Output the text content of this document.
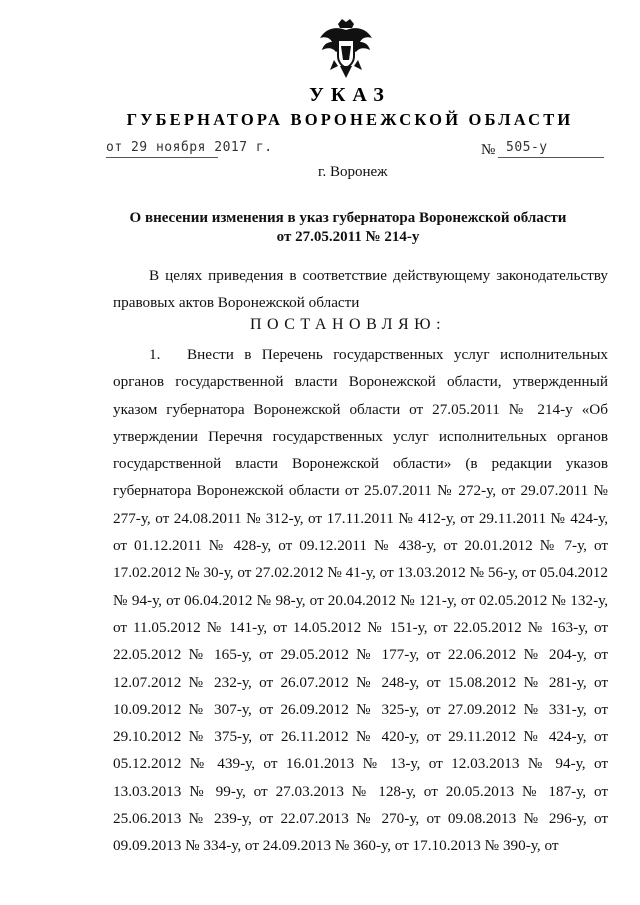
УКАЗ
ГУБЕРНАТОРА ВОРОНЕЖСКОЙ ОБЛАСТИ
от 29 ноября 2017 г.	№ 505-у
г. Воронеж
О внесении изменения в указ губернатора Воронежской области
от 27.05.2011 № 214-у
В целях приведения в соответствие действующему законодательству правовых актов Воронежской области
ПОСТАНОВЛЯЮ:
1. Внести в Перечень государственных услуг исполнительных органов государственной власти Воронежской области, утвержденный указом губернатора Воронежской области от 27.05.2011 № 214-у «Об утверждении Перечня государственных услуг исполнительных органов государственной власти Воронежской области» (в редакции указов губернатора Воронежской области от 25.07.2011 № 272-у, от 29.07.2011 № 277-у, от 24.08.2011 № 312-у, от 17.11.2011 № 412-у, от 29.11.2011 № 424-у, от 01.12.2011 № 428-у, от 09.12.2011 № 438-у, от 20.01.2012 № 7-у, от 17.02.2012 № 30-у, от 27.02.2012 № 41-у, от 13.03.2012 № 56-у, от 05.04.2012 № 94-у, от 06.04.2012 № 98-у, от 20.04.2012 № 121-у, от 02.05.2012 № 132-у, от 11.05.2012 № 141-у, от 14.05.2012 № 151-у, от 22.05.2012 № 163-у, от 22.05.2012 № 165-у, от 29.05.2012 № 177-у, от 22.06.2012 № 204-у, от 12.07.2012 № 232-у, от 26.07.2012 № 248-у, от 15.08.2012 № 281-у, от 10.09.2012 № 307-у, от 26.09.2012 № 325-у, от 27.09.2012 № 331-у, от 29.10.2012 № 375-у, от 26.11.2012 № 420-у, от 29.11.2012 № 424-у, от 05.12.2012 № 439-у, от 16.01.2013 № 13-у, от 12.03.2013 № 94-у, от 13.03.2013 № 99-у, от 27.03.2013 № 128-у, от 20.05.2013 № 187-у, от 25.06.2013 № 239-у, от 22.07.2013 № 270-у, от 09.08.2013 № 296-у, от 09.09.2013 № 334-у, от 24.09.2013 № 360-у, от 17.10.2013 № 390-у, от
